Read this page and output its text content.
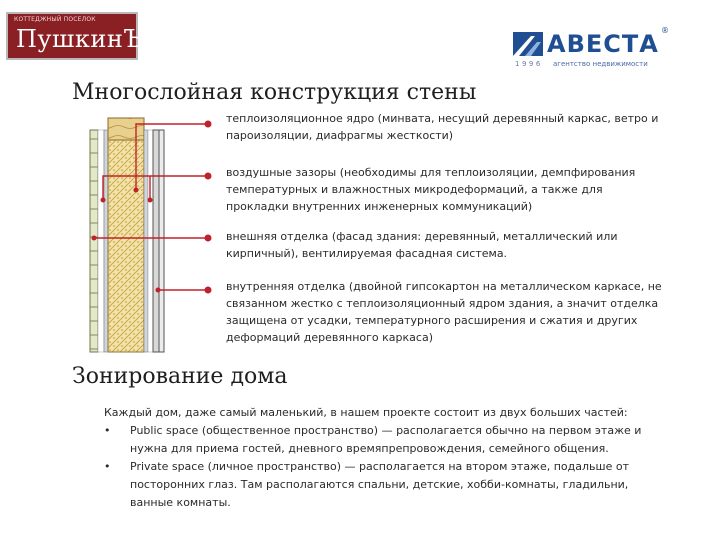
КОТТЕДЖНЫЙ ПОСЕЛОК
ПушкинЪ	АВЕСТА ®
1996 агентство недвижимости
Многослойная конструкция стены
теплоизоляционное ядро (минвата, несущий деревянный каркас, ветро и пароизоляции, диафрагмы жесткости)
воздушные зазоры (необходимы для теплоизоляции, демпфирования температурных и влажностных микродеформаций, а также для прокладки внутренних инженерных коммуникаций)
внешняя отделка (фасад здания: деревянный, металлический или кирпичный), вентилируемая фасадная система.
внутренняя отделка (двойной гипсокартон на металлическом каркасе, не связанном жестко с теплоизоляционный ядром здания, а значит отделка защищена от усадки, температурного расширения и сжатия и других деформаций деревянного каркаса)
Зонирование дома

Каждый дом, даже самый маленький, в нашем проекте состоит из двух больших частей:

• Public space (общественное пространство) — располагается обычно на первом этаже и нужна для приема гостей, дневного времяпрепровождения, семейного общения.
• Private space (личное пространство) — располагается на втором этаже, подальше от посторонних глаз. Там располагаются спальни, детские, хобби-комнаты, гладильни, ванные комнаты.
